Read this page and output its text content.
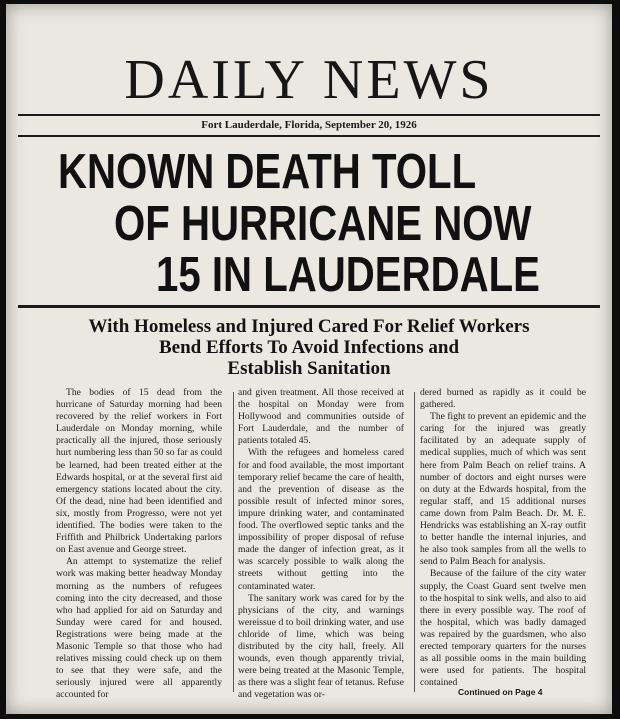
DAILY NEWS
Fort Lauderdale, Florida, September 20, 1926
KNOWN DEATH TOLL
OF HURRICANE NOW
15 IN LAUDERDALE
With Homeless and Injured Cared For Relief Workers
Bend Efforts To Avoid Infections and
Establish Sanitation

The bodies of 15 dead from the hurricane of Saturday morning had been recovered by the relief workers in Fort Lauderdale on Monday morning, while practically all the injured, those seriously hurt numbering less than 50 so far as could be learned, had been treated either at the Edwards hospital, or at the several first aid emergency stations located about the city. Of the dead, nine had been identified and six, mostly from Progresso, were not yet identified. The bodies were taken to the Friffith and Philbrick Undertaking parlors on East avenue and George street.

An attempt to systematize the relief work was making better headway Monday morning as the numbers of refugees coming into the city decreased, and those who had applied for aid on Saturday and Sunday were cared for and housed. Registrations were being made at the Masonic Temple so that those who had relatives missing could check up on them to see that they were safe, and the seriously injured were all apparently accounted for

and given treatment. All those received at the hospital on Monday were from Hollywood and communities outside of Fort Lauderdale, and the number of patients totaled 45.

With the refugees and homeless cared for and food available, the most important temporary relief became the care of health, and the prevention of disease as the possible result of infected minor sores, impure drinking water, and contaminated food. The overflowed septic tanks and the impossibility of proper disposal of refuse made the danger of infection great, as it was scarcely possible to walk along the streets without getting into the contaminated water.

The sanitary work was cared for by the physicians of the city, and warnings wereissue d to boil drinking water, and use chloride of lime, which was being distributed by the city hall, freely. All wounds, even though apparently trivial, were being treated at the Masonic Temple, as there was a slight fear of tetanus. Refuse and vegetation was or-

dered burned as rapidly as it could be gathered.

The fight to prevent an epidemic and the caring for the injured was greatly facilitated by an adequate supply of medical supplies, much of which was sent here from Palm Beach on relief trains. A number of doctors and eight nurses were on duty at the Edwards hospital, from the regular staff, and 15 additional nurses came down from Palm Beach. Dr. M. E. Hendricks was establishing an X-ray outfit to better handle the internal injuries, and he also took samples from all the wells to send to Palm Beach for analysis.

Because of the failure of the city water supply, the Coast Guard sent twelve men to the hospital to sink wells, and also to aid there in every possible way. The roof of the hospital, which was badly damaged was repaired by the guardsmen, who also erected temporary quarters for the nurses as all possible ooms in the main building were used for patients. The hospital contained

Continued on Page 4
